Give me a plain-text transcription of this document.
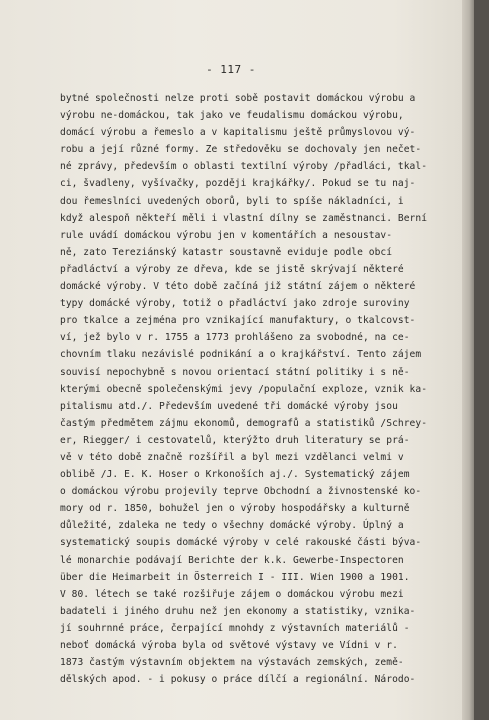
- 117 -
bytné společnosti nelze proti sobě postavit domáckou výrobu a
výrobu ne-domáckou, tak jako ve feudalismu domáckou výrobu,
domácí výrobu a řemeslo a v kapitalismu ještě průmyslovou vý-
robu a její různé formy. Ze středověku se dochovaly jen nečet-
né zprávy, především o oblasti textilní výroby /přadláci, tkal-
ci, švadleny, vyšívačky, později krajkářky/. Pokud se tu naj-
dou řemeslníci uvedených oborů, byli to spíše nákladníci, i
když alespoň někteří měli i vlastní dílny se zaměstnanci. Berní
rule uvádí domáckou výrobu jen v komentářích a nesoustav-
ně, zato Tereziánský katastr soustavně eviduje podle obcí
přadláctví a výroby ze dřeva, kde se jistě skrývají některé
domácké výroby. V této době začíná již státní zájem o některé
typy domácké výroby, totiž o přadláctví jako zdroje suroviny
pro tkalce a zejména pro vznikající manufaktury, o tkalcovst-
ví, jež bylo v r. 1755 a 1773 prohlášeno za svobodné, na ce-
chovním tlaku nezávislé podnikání a o krajkářství. Tento zájem
souvisí nepochybně s novou orientací státní politiky i s ně-
kterými obecně společenskými jevy /populační exploze, vznik ka-
pitalismu atd./. Především uvedené tři domácké výroby jsou
častým předmětem zájmu ekonomů, demografů a statistiků /Schrey-
er, Riegger/ i cestovatelů, kterýžto druh literatury se prá-
vě v této době značně rozšířil a byl mezi vzdělanci velmi v
oblibě /J. E. K. Hoser o Krkonoších aj./. Systematický zájem
o domáckou výrobu projevily teprve Obchodní a živnostenské ko-
mory od r. 1850, bohužel jen o výroby hospodářsky a kulturně
důležité, zdaleka ne tedy o všechny domácké výroby. Úplný a
systematický soupis domácké výroby v celé rakouské části býva-
lé monarchie podávají Berichte der k.k. Gewerbe-Inspectoren
über die Heimarbeit in Österreich I - III. Wien 1900 a 1901.
V 80. létech se také rozšiřuje zájem o domáckou výrobu mezi
badateli i jiného druhu než jen ekonomy a statistiky, vznika-
jí souhrnné práce, čerpající mnohdy z výstavních materiálů -
neboť domácká výroba byla od světové výstavy ve Vídni v r.
1873 častým výstavním objektem na výstavách zemských, země-
dělských apod. - i pokusy o práce dílčí a regionální. Národo-
